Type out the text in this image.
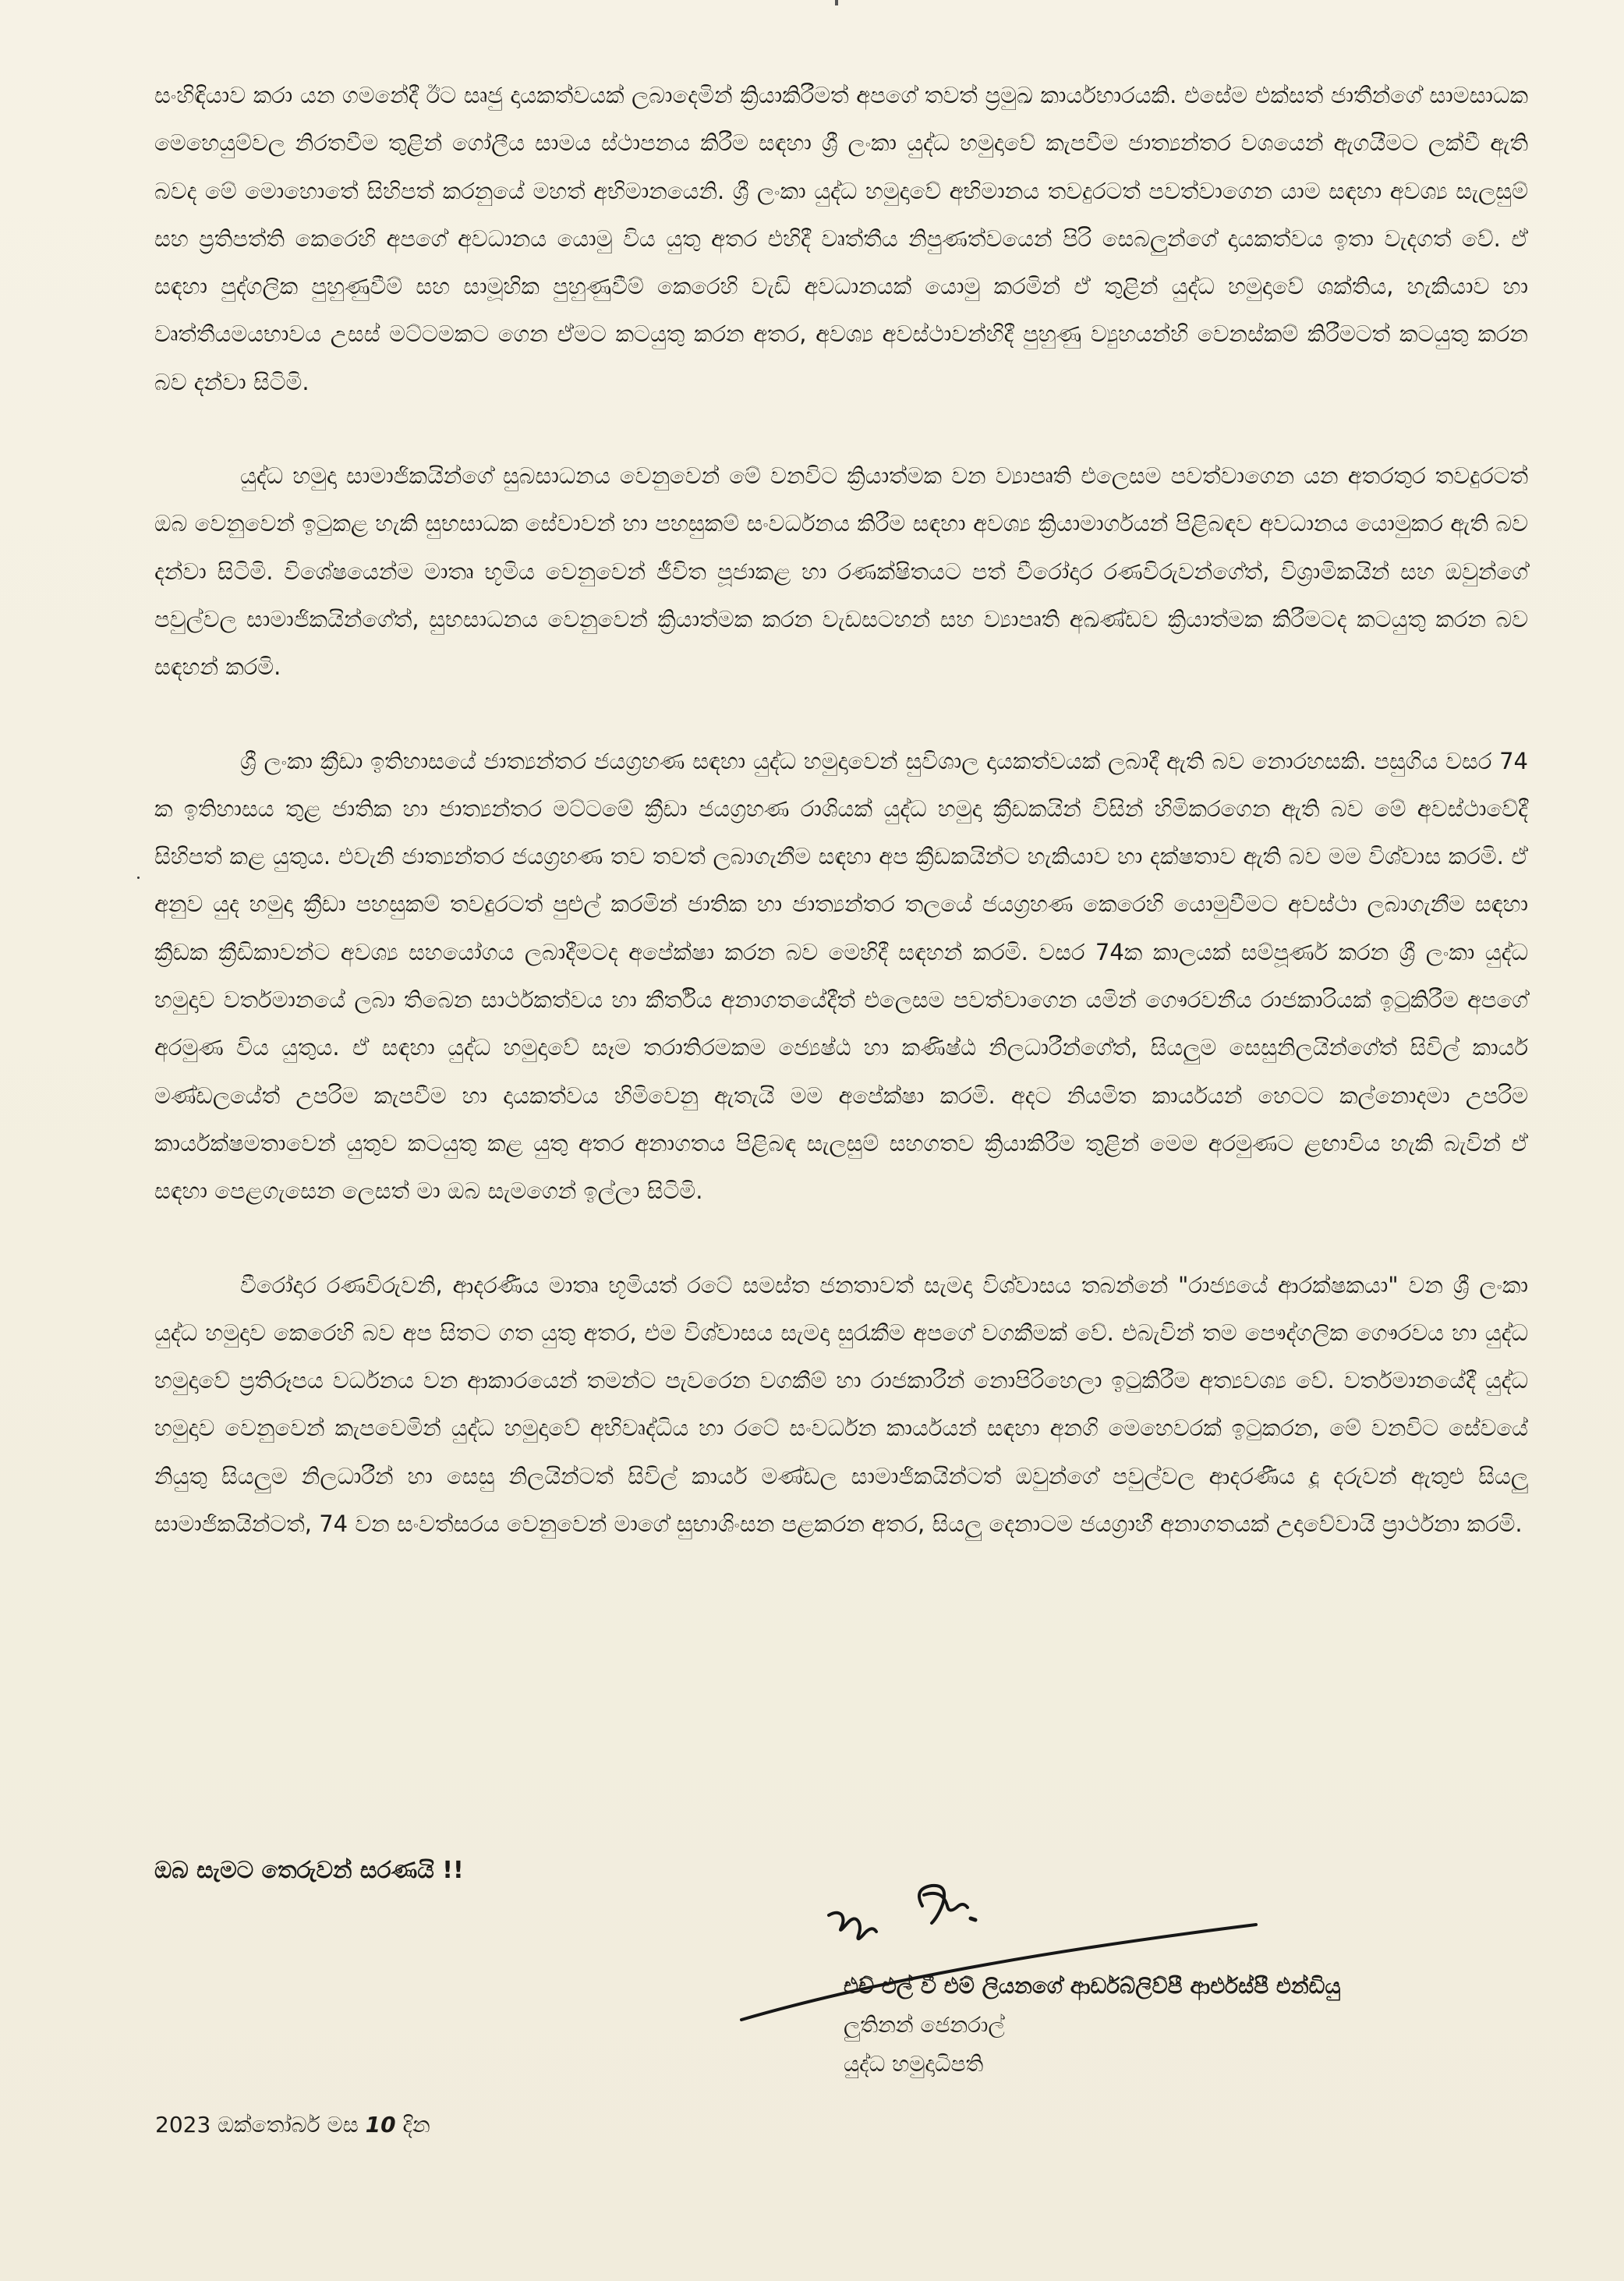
සංහිඳියාව කරා යන ගමනේදී ඊට සෘජු දායකත්වයක් ලබාදෙමින් ක්‍රියාකිරීමත් අපගේ තවත් ප්‍රමුඛ කාර්යභාරයකි. එසේම එක්සත් ජාතීන්ගේ සාමසාධක මෙහෙයුම්වල නිරතවීම තුළින් ගෝලීය සාමය ස්ථාපනය කිරීම සඳහා ශ්‍රී ලංකා යුද්ධ හමුදාවේ කැපවීම ජාත්‍යන්තර වශයෙන් ඇගයීමට ලක්වී ඇති බවද මේ මොහොතේ සිහිපත් කරනුයේ මහත් අභිමානයෙනි. ශ්‍රී ලංකා යුද්ධ හමුදාවේ අභිමානය තවදුරටත් පවත්වාගෙන යාම සඳහා අවශ්‍ය සැලසුම් සහ ප්‍රතිපත්ති කෙරෙහි අපගේ අවධානය යොමු විය යුතු අතර එහිදී වෘත්තීය නිපුණත්වයෙන් පිරි සෙබලුන්ගේ දායකත්වය ඉතා වැදගත් වේ. ඒ සඳහා පුද්ගලික පුහුණුවීම් සහ සාමූහික පුහුණුවීම් කෙරෙහි වැඩි අවධානයක් යොමු කරමින් ඒ තුළින් යුද්ධ හමුදාවේ ශක්තිය, හැකියාව හා වෘත්තීයමයභාවය උසස් මට්ටමකට ගෙන ඒමට කටයුතු කරන අතර, අවශ්‍ය අවස්ථාවන්හිදී පුහුණු ව්‍යුහයන්හි වෙනස්කම් කිරීමටත් කටයුතු කරන බව දන්වා සිටිමි.

යුද්ධ හමුදා සාමාජිකයින්ගේ සුබසාධනය වෙනුවෙන් මේ වනවිට ක්‍රියාත්මක වන ව්‍යාපෘති එලෙසම පවත්වාගෙන යන අතරතුර තවදුරටත් ඔබ වෙනුවෙන් ඉටුකළ හැකි සුභසාධක සේවාවන් හා පහසුකම් සංවර්ධනය කිරීම සඳහා අවශ්‍ය ක්‍රියාමාර්ගයන් පිළිබඳව අවධානය යොමුකර ඇති බව දන්වා සිටිමි. විශේෂයෙන්ම මාතෘ භූමිය වෙනුවෙන් ජීවිත පූජාකළ හා රණක්ෂිතයට පත් වීරෝදාර රණවිරුවන්ගේත්, විශ්‍රාමිකයින් සහ ඔවුන්ගේ පවුල්වල සාමාජිකයින්ගේත්, සුභසාධනය වෙනුවෙන් ක්‍රියාත්මක කරන වැඩසටහන් සහ ව්‍යාපෘති අඛණ්ඩව ක්‍රියාත්මක කිරීමටද කටයුතු කරන බව සඳහන් කරමි.

ශ්‍රී ලංකා ක්‍රීඩා ඉතිහාසයේ ජාත්‍යන්තර ජයග්‍රහණ සඳහා යුද්ධ හමුදාවෙන් සුවිශාල දායකත්වයක් ලබාදී ඇති බව නොරහසකි. පසුගිය වසර 74 ක ඉතිහාසය තුළ ජාතික හා ජාත්‍යන්තර මට්ටමේ ක්‍රීඩා ජයග්‍රහණ රාශියක් යුද්ධ හමුදා ක්‍රීඩකයින් විසින් හිමිකරගෙන ඇති බව මේ අවස්ථාවේදී සිහිපත් කළ යුතුය. එවැනි ජාත්‍යන්තර ජයග්‍රහණ තව තවත් ලබාගැනීම සඳහා අප ක්‍රීඩකයින්ට හැකියාව හා දක්ෂතාව ඇති බව මම විශ්වාස කරමි. ඒ අනුව යුද හමුදා ක්‍රීඩා පහසුකම් තවදුරටත් පුළුල් කරමින් ජාතික හා ජාත්‍යන්තර තලයේ ජයග්‍රහණ කෙරෙහි යොමුවීමට අවස්ථා ලබාගැනීම සඳහා ක්‍රීඩක ක්‍රීඩිකාවන්ට අවශ්‍ය සහයෝගය ලබාදීමටද අපේක්ෂා කරන බව මෙහිදී සඳහන් කරමි. වසර 74ක කාලයක් සම්පූර්ණ කරන ශ්‍රී ලංකා යුද්ධ හමුදාව වර්තමානයේ ලබා තිබෙන සාර්ථකත්වය හා කීර්තිය අනාගතයේදීත් එලෙසම පවත්වාගෙන යමින් ගෞරවනීය රාජකාරියක් ඉටුකිරීම අපගේ අරමුණ විය යුතුය. ඒ සඳහා යුද්ධ හමුදාවේ සෑම තරාතිරමකම ජ්‍යෙෂ්ඨ හා කණිෂ්ඨ නිලධාරීන්ගේත්, සියලුම සෙසුනිලයින්ගේත් සිවිල් කාර්ය මණ්ඩලයේත් උපරිම කැපවීම හා දායකත්වය හිමිවෙනු ඇතැයි මම අපේක්ෂා කරමි. අදට නියමිත කාර්යයන් හෙටට කල්නොදමා උපරිම කාර්යක්ෂමතාවෙන් යුතුව කටයුතු කළ යුතු අතර අනාගතය පිළිබඳ සැලසුම් සහගතව ක්‍රියාකිරීම තුළින් මෙම අරමුණට ළඟාවිය හැකි බැවින් ඒ සඳහා පෙළගැසෙන ලෙසත් මා ඔබ සැමගෙන් ඉල්ලා සිටිමි.

වීරෝදාර රණවිරුවනි, ආදරණීය මාතෘ භූමියත් රටේ සමස්ත ජනතාවත් සැමදා විශ්වාසය තබන්නේ "රාජ්‍යයේ ආරක්ෂකයා" වන ශ්‍රී ලංකා යුද්ධ හමුදාව කෙරෙහි බව අප සිතට ගත යුතු අතර, එම විශ්වාසය සැමදා සුරැකීම අපගේ වගකීමක් වේ. එබැවින් තම පෞද්ගලික ගෞරවය හා යුද්ධ හමුදාවේ ප්‍රතිරූපය වර්ධනය වන ආකාරයෙන් තමන්ට පැවරෙන වගකීම් හා රාජකාරීන් නොපිරිහෙලා ඉටුකිරීම අත්‍යවශ්‍ය වේ. වර්තමානයේදී යුද්ධ හමුදාව වෙනුවෙන් කැපවෙමින් යුද්ධ හමුදාවේ අභිවෘද්ධිය හා රටේ සංවර්ධන කාර්යයන් සඳහා අනගි මෙහෙවරක් ඉටුකරන, මේ වනවිට සේවයේ නියුතු සියලුම නිලධාරීන් හා සෙසු නිලයින්ටත් සිවිල් කාර්ය මණ්ඩල සාමාජිකයින්ටත් ඔවුන්ගේ පවුල්වල ආදරණීය දූ දරුවන් ඇතුළු සියලු සාමාජිකයින්ටත්, 74 වන සංවත්සරය වෙනුවෙන් මාගේ සුභාශිංසන පළකරන අතර, සියලු දෙනාටම ජයග්‍රාහී අනාගතයක් උදාවේවායි ප්‍රාර්ථනා කරමි.

ඔබ සැමට තෙරුවන් සරණයි !!
එච් එල් වී එම් ලියනගේ ආර්ඩබ්ලිව්පී ආර්එස්පී එන්ඩියු
ලුතිනන් ජෙනරාල්
යුද්ධ හමුදාධිපති
2023 ඔක්තෝබර් මස 10 දින
